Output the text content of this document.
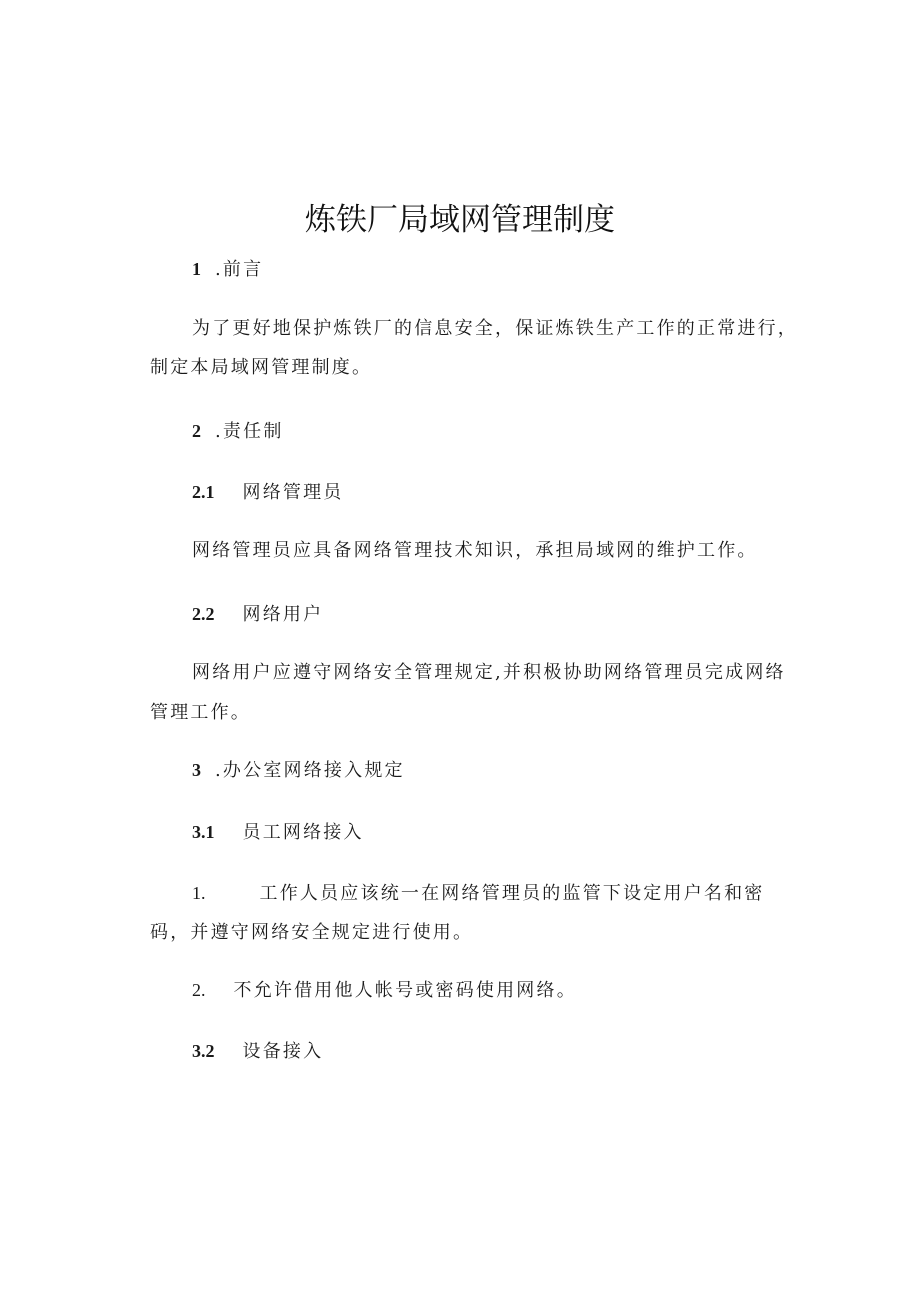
炼铁厂局域网管理制度
1 .前言
为了更好地保护炼铁厂的信息安全，保证炼铁生产工作的正常进行，
制定本局域网管理制度。
2 .责任制
2.1 网络管理员
网络管理员应具备网络管理技术知识，承担局域网的维护工作。
2.2 网络用户
网络用户应遵守网络安全管理规定,并积极协助网络管理员完成网络
管理工作。
3 .办公室网络接入规定
3.1 员工网络接入
1.	工作人员应该统一在网络管理员的监管下设定用户名和密
码，并遵守网络安全规定进行使用。
2. 不允许借用他人帐号或密码使用网络。
3.2 设备接入
